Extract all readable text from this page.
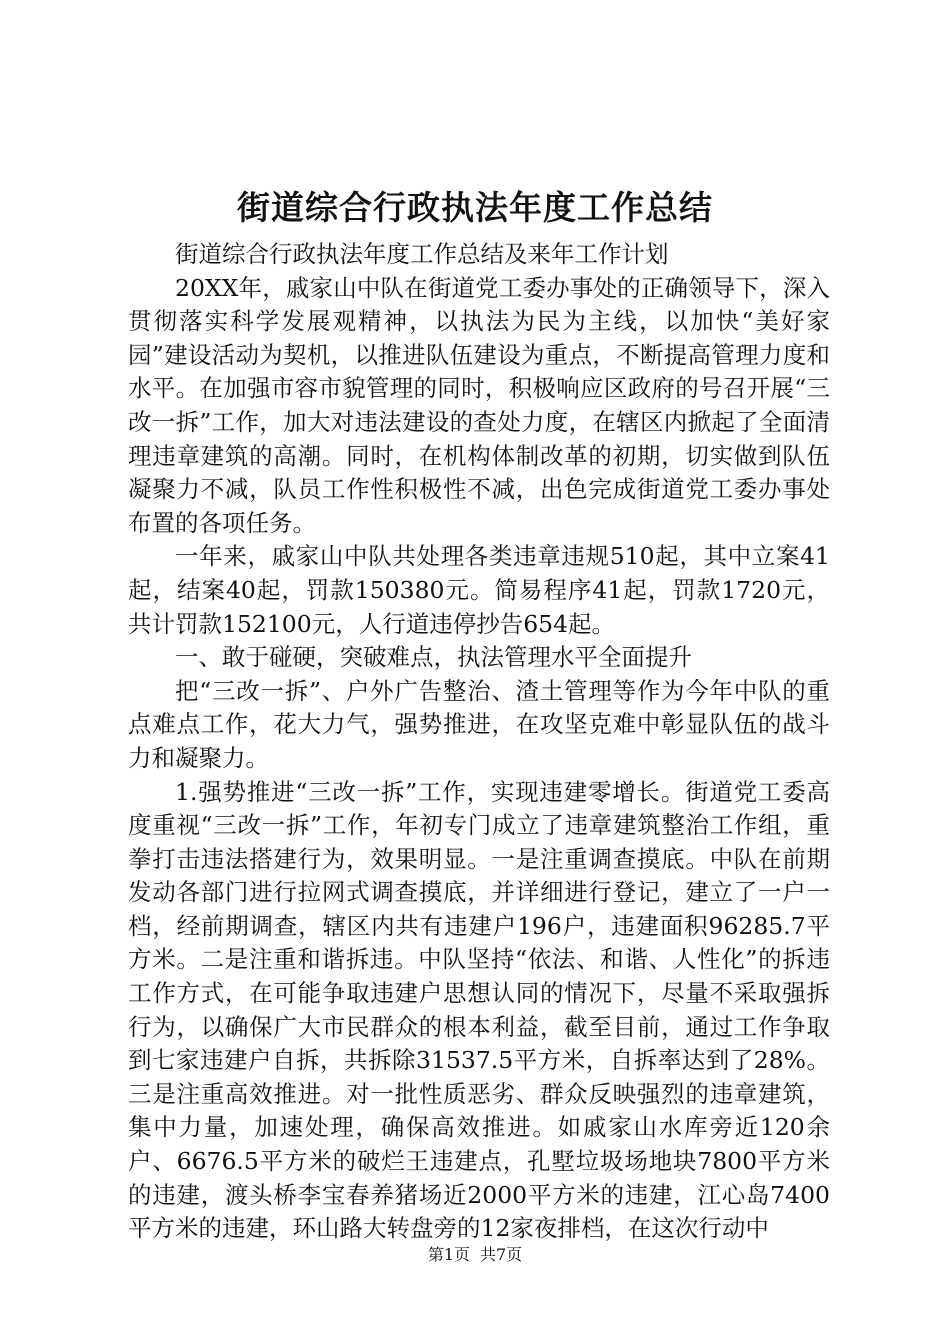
街道综合行政执法年度工作总结

街道综合行政执法年度工作总结及来年工作计划

20XX年，戚家山中队在街道党工委办事处的正确领导下，深入贯彻落实科学发展观精神，以执法为民为主线，以加快“美好家园”建设活动为契机，以推进队伍建设为重点，不断提高管理力度和水平。在加强市容市貌管理的同时，积极响应区政府的号召开展“三改一拆”工作，加大对违法建设的查处力度，在辖区内掀起了全面清理违章建筑的高潮。同时，在机构体制改革的初期，切实做到队伍凝聚力不减，队员工作性积极性不减，出色完成街道党工委办事处布置的各项任务。

一年来，戚家山中队共处理各类违章违规510起，其中立案41起，结案40起，罚款150380元。简易程序41起，罚款1720元，共计罚款152100元，人行道违停抄告654起。

一、敢于碰硬，突破难点，执法管理水平全面提升

把“三改一拆”、户外广告整治、渣土管理等作为今年中队的重点难点工作，花大力气，强势推进，在攻坚克难中彰显队伍的战斗力和凝聚力。

1.强势推进“三改一拆”工作，实现违建零增长。街道党工委高度重视“三改一拆”工作，年初专门成立了违章建筑整治工作组，重拳打击违法搭建行为，效果明显。一是注重调查摸底。中队在前期发动各部门进行拉网式调查摸底，并详细进行登记，建立了一户一档，经前期调查，辖区内共有违建户196户，违建面积96285.7平方米。二是注重和谐拆违。中队坚持“依法、和谐、人性化”的拆违工作方式，在可能争取违建户思想认同的情况下，尽量不采取强拆行为，以确保广大市民群众的根本利益，截至目前，通过工作争取到七家违建户自拆，共拆除31537.5平方米，自拆率达到了28%。三是注重高效推进。对一批性质恶劣、群众反映强烈的违章建筑，集中力量，加速处理，确保高效推进。如戚家山水库旁近120余户、6676.5平方米的破烂王违建点，孔墅垃圾场地块7800平方米的违建，渡头桥李宝春养猪场近2000平方米的违建，江心岛7400平方米的违建，环山路大转盘旁的12家夜排档，在这次行动中

第1页 共7页
